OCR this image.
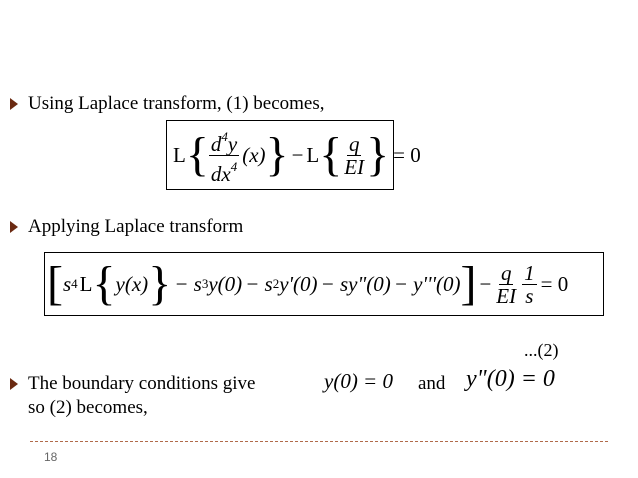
Using Laplace transform, (1) becomes,
L { $\frac{d^4y}{dx^4} (x)$ } − L { $\frac{q}{EI}$ } = 0
Applying Laplace transform
[ s 4 L { y(x) } − s 3 y(0) − s 2 y'(0) − sy"(0) − y'''(0) ] − $\frac{q}{EI} \frac{1}{s} = 0$
...(2)
The boundary conditions give
so (2) becomes,
y(0) = 0 and y"(0) = 0
18
